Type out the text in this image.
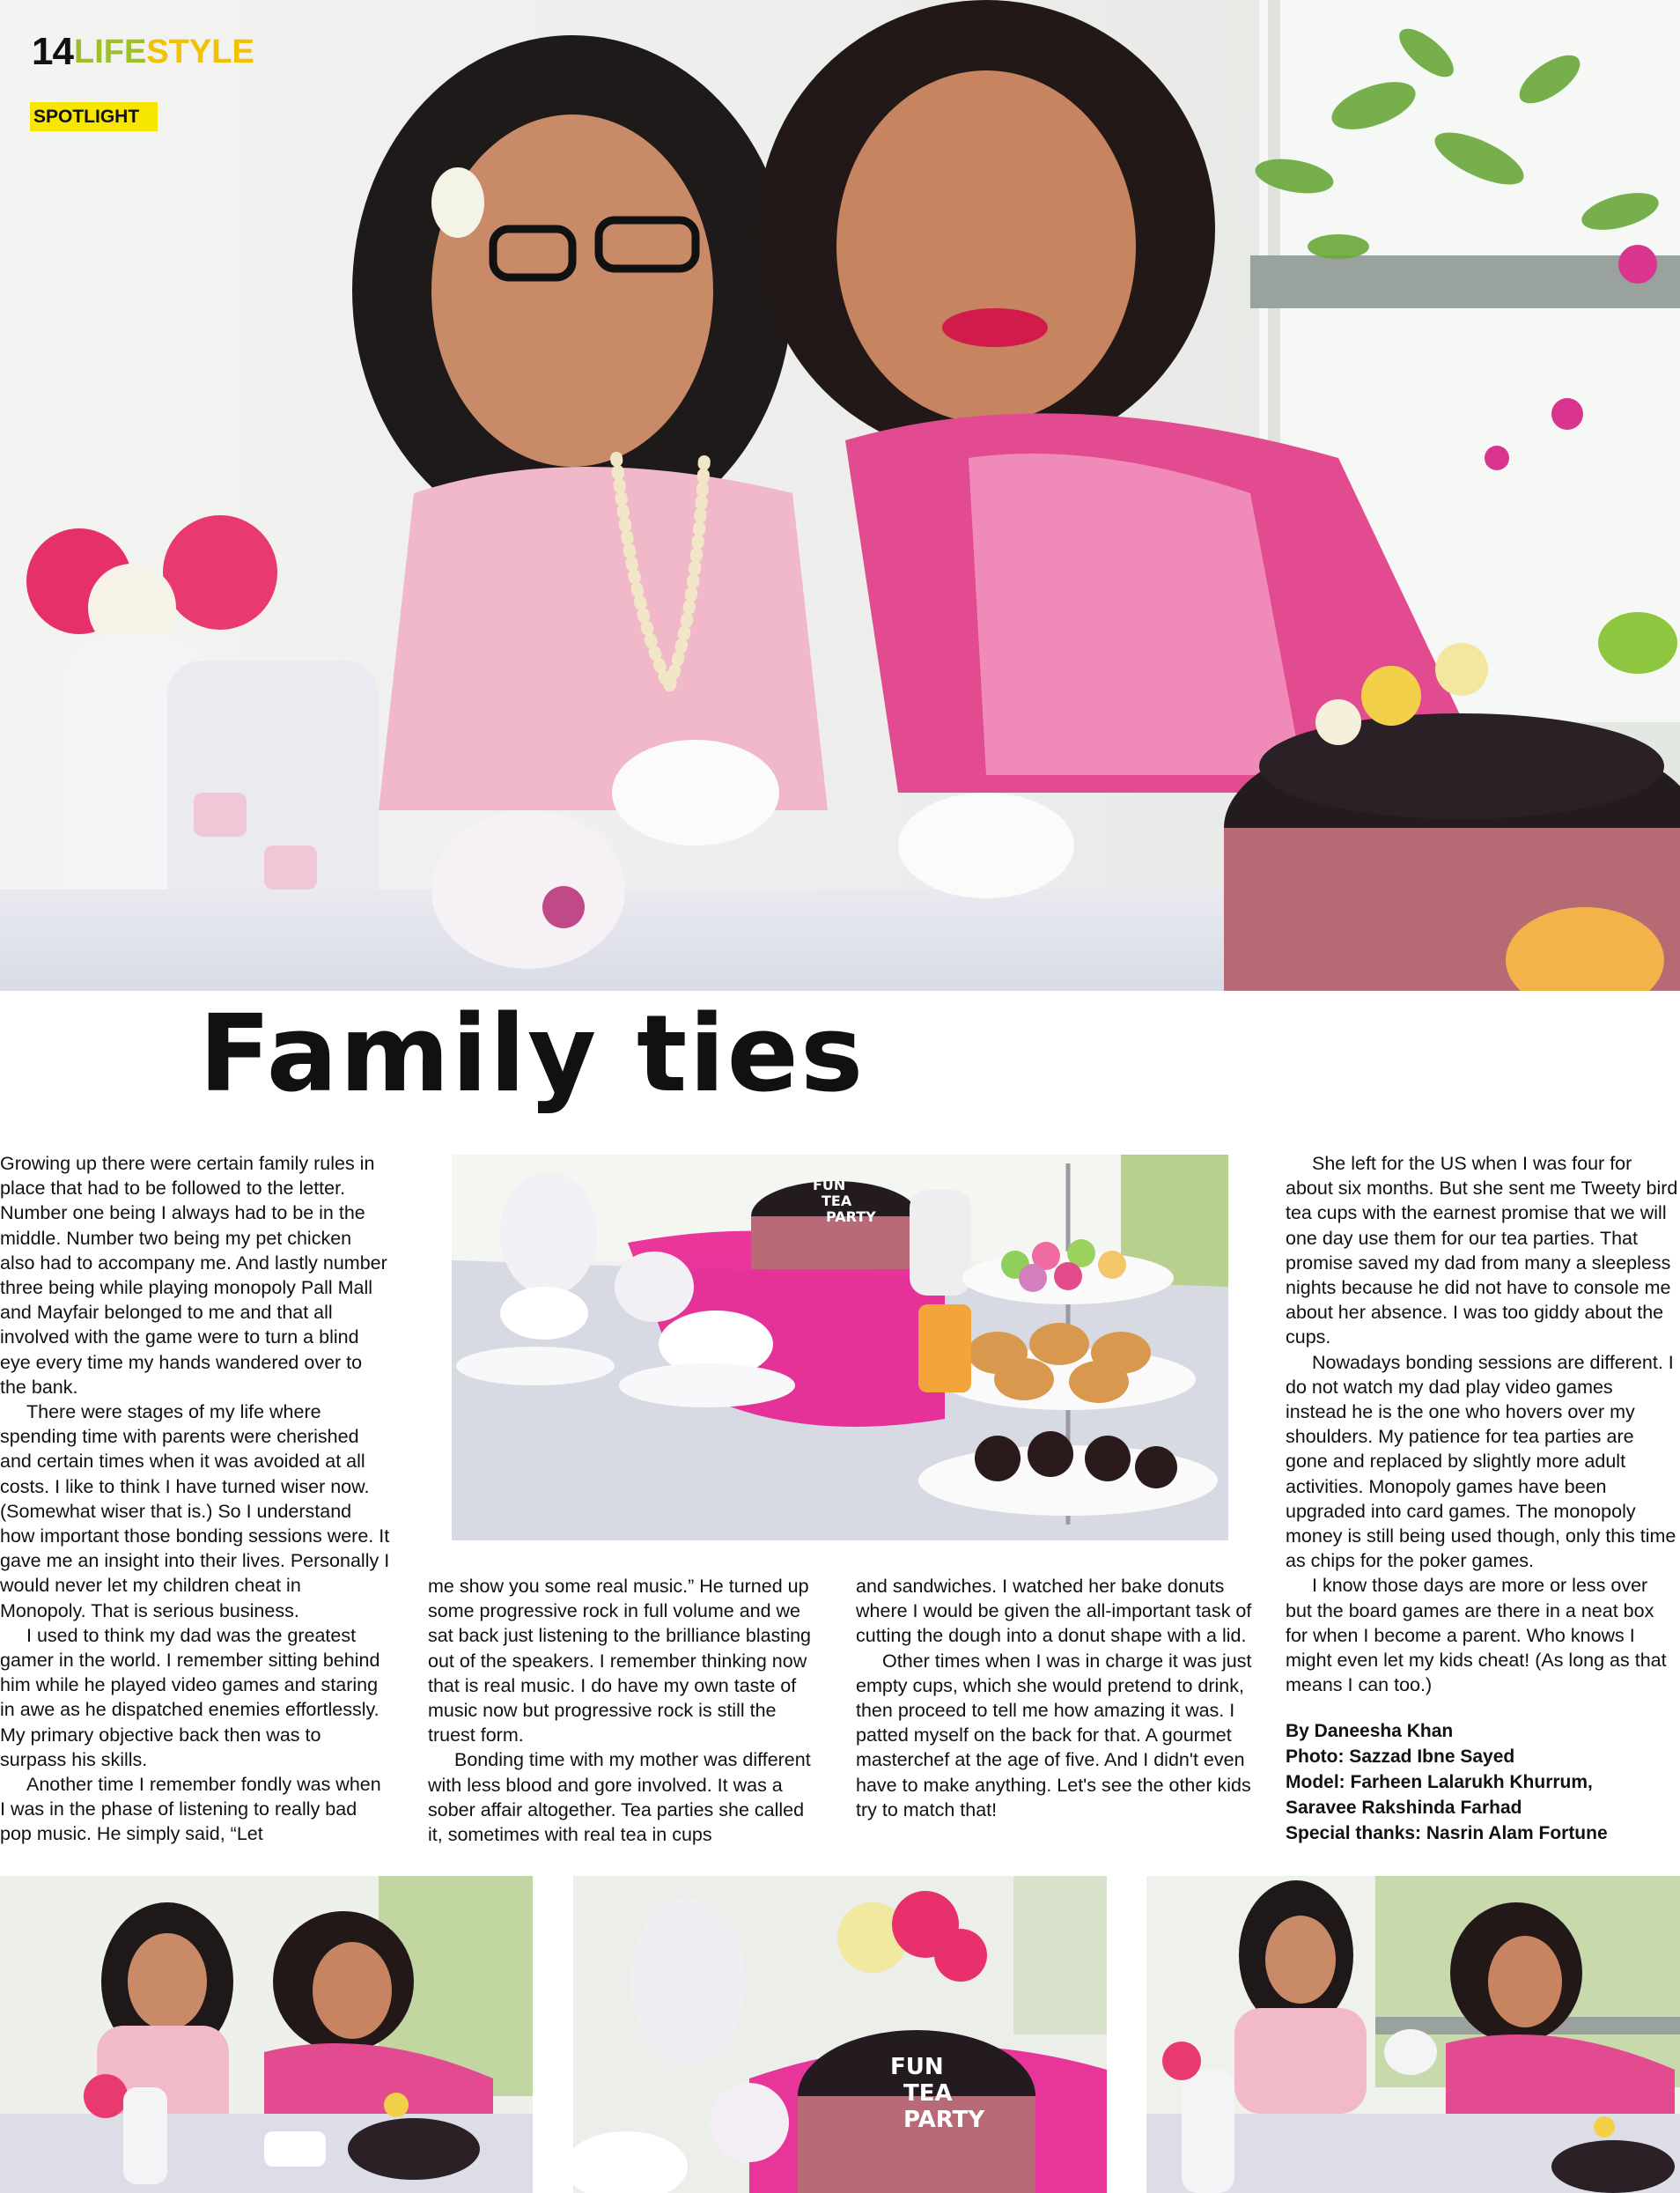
14 LIFESTYLE
SPOTLIGHT
Family ties
FUN
TEA
PARTY

Growing up there were certain family rules in place that had to be followed to the letter. Number one being I always had to be in the middle. Number two being my pet chicken also had to accompany me. And lastly number three being while playing monopoly Pall Mall and Mayfair belonged to me and that all involved with the game were to turn a blind eye every time my hands wandered over to the bank.

There were stages of my life where spending time with parents were cherished and certain times when it was avoided at all costs. I like to think I have turned wiser now. (Somewhat wiser that is.) So I understand how important those bonding sessions were. It gave me an insight into their lives. Personally I would never let my children cheat in Monopoly. That is serious business.

I used to think my dad was the greatest gamer in the world. I remember sitting behind him while he played video games and staring in awe as he dispatched enemies effortlessly. My primary objective back then was to surpass his skills.

Another time I remember fondly was when I was in the phase of listening to really bad pop music. He simply said, “Let

me show you some real music.” He turned up some progressive rock in full volume and we sat back just listening to the brilliance blasting out of the speakers. I remember thinking now that is real music. I do have my own taste of music now but progressive rock is still the truest form.

Bonding time with my mother was different with less blood and gore involved. It was a sober affair altogether. Tea parties she called it, sometimes with real tea in cups

and sandwiches. I watched her bake donuts where I would be given the all-important task of cutting the dough into a donut shape with a lid.

Other times when I was in charge it was just empty cups, which she would pretend to drink, then proceed to tell me how amazing it was. I patted myself on the back for that. A gourmet masterchef at the age of five. And I didn't even have to make anything. Let's see the other kids try to match that!

She left for the US when I was four for about six months. But she sent me Tweety bird tea cups with the earnest promise that we will one day use them for our tea parties. That promise saved my dad from many a sleepless nights because he did not have to console me about her absence. I was too giddy about the cups.

Nowadays bonding sessions are different. I do not watch my dad play video games instead he is the one who hovers over my shoulders. My patience for tea parties are gone and replaced by slightly more adult activities. Monopoly games have been upgraded into card games. The monopoly money is still being used though, only this time as chips for the poker games.

I know those days are more or less over but the board games are there in a neat box for when I become a parent. Who knows I might even let my kids cheat! (As long as that means I can too.)

By Daneesha Khan
Photo: Sazzad Ibne Sayed
Model: Farheen Lalarukh Khurrum,
Saravee Rakshinda Farhad
Special thanks: Nasrin Alam Fortune
FUN
TEA
PARTY
